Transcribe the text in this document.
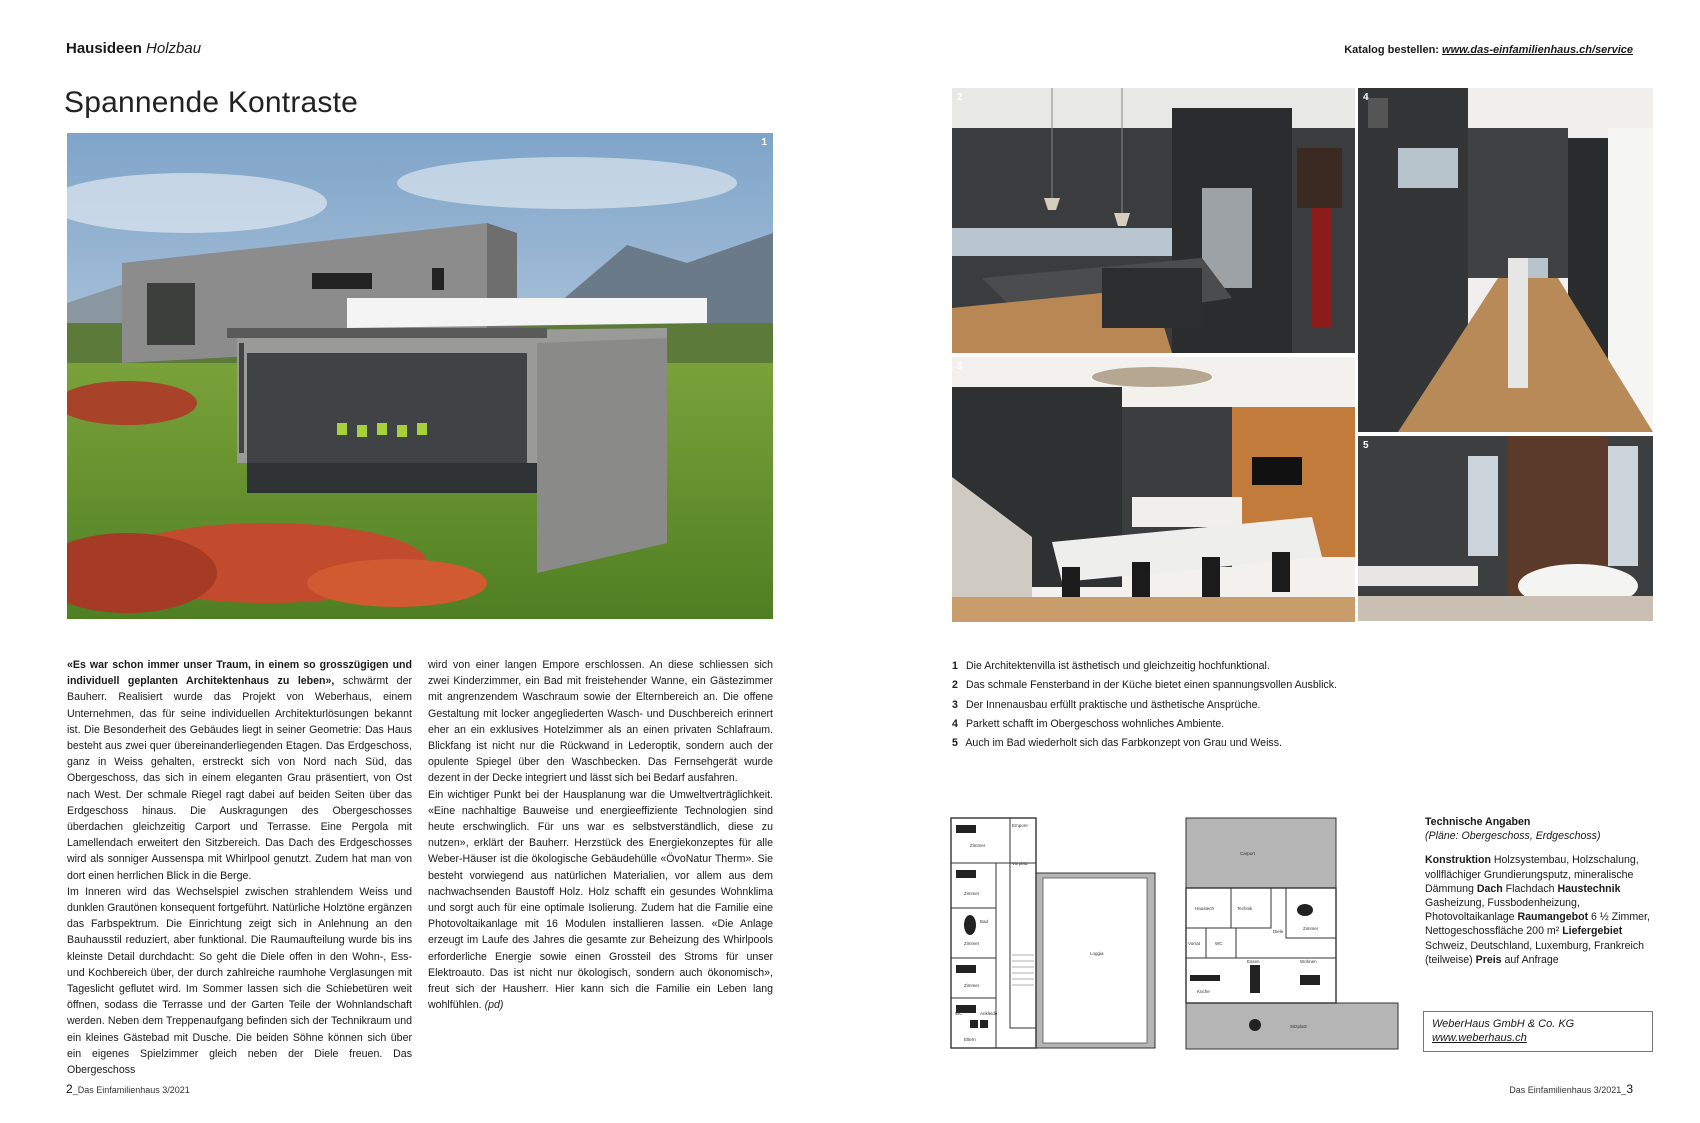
Hausideen Holzbau	Katalog bestellen: www.das-einfamilienhaus.ch/service
Spannende Kontraste
1
2
3
4
5

«Es war schon immer unser Traum, in einem so grosszügigen und individuell geplanten Architektenhaus zu leben», schwärmt der Bauherr. Realisiert wurde das Projekt von Weberhaus, einem Unternehmen, das für seine individuellen Architekturlösungen bekannt ist. Die Besonderheit des Gebäudes liegt in seiner Geometrie: Das Haus besteht aus zwei quer übereinanderliegenden Etagen. Das Erdgeschoss, ganz in Weiss gehalten, erstreckt sich von Nord nach Süd, das Obergeschoss, das sich in einem eleganten Grau präsentiert, von Ost nach West. Der schmale Riegel ragt dabei auf beiden Seiten über das Erdgeschoss hinaus. Die Auskragungen des Obergeschosses überdachen gleichzeitig Carport und Terrasse. Eine Pergola mit Lamellendach erweitert den Sitzbereich. Das Dach des Erdgeschosses wird als sonniger Aussenspa mit Whirlpool genutzt. Zudem hat man von dort einen herrlichen Blick in die Berge.

Im Inneren wird das Wechselspiel zwischen strahlendem Weiss und dunklen Grautönen konsequent fortgeführt. Natürliche Holztöne ergänzen das Farbspektrum. Die Einrichtung zeigt sich in Anlehnung an den Bauhausstil reduziert, aber funktional. Die Raumaufteilung wurde bis ins kleinste Detail durchdacht: So geht die Diele offen in den Wohn-, Ess- und Kochbereich über, der durch zahlreiche raumhohe Verglasungen mit Tageslicht geflutet wird. Im Sommer lassen sich die Schiebetüren weit öffnen, sodass die Terrasse und der Garten Teile der Wohnlandschaft werden. Neben dem Treppenaufgang befinden sich der Technikraum und ein kleines Gästebad mit Dusche. Die beiden Söhne können sich über ein eigenes Spielzimmer gleich neben der Diele freuen. Das Obergeschoss

wird von einer langen Empore erschlossen. An diese schliessen sich zwei Kinderzimmer, ein Bad mit freistehender Wanne, ein Gästezimmer mit angrenzendem Waschraum sowie der Elternbereich an. Die offene Gestaltung mit locker angegliederten Wasch- und Duschbereich erinnert eher an ein exklusives Hotelzimmer als an einen privaten Schlafraum. Blickfang ist nicht nur die Rückwand in Lederoptik, sondern auch der opulente Spiegel über den Waschbecken. Das Fernsehgerät wurde dezent in der Decke integriert und lässt sich bei Bedarf ausfahren.

Ein wichtiger Punkt bei der Hausplanung war die Umweltverträglichkeit. «Eine nachhaltige Bauweise und energieeffiziente Technologien sind heute erschwinglich. Für uns war es selbstverständlich, diese zu nutzen», erklärt der Bauherr. Herzstück des Energiekonzeptes für alle Weber-Häuser ist die ökologische Gebäudehülle «ÖvoNatur Therm». Sie besteht vorwiegend aus natürlichen Materialien, vor allem aus dem nachwachsenden Baustoff Holz. Holz schafft ein gesundes Wohnklima und sorgt auch für eine optimale Isolierung. Zudem hat die Familie eine Photovoltaikanlage mit 16 Modulen installieren lassen. «Die Anlage erzeugt im Laufe des Jahres die gesamte zur Beheizung des Whirlpools erforderliche Energie sowie einen Grossteil des Stroms für unser Elektroauto. Das ist nicht nur ökologisch, sondern auch ökonomisch», freut sich der Hausherr. Hier kann sich die Familie ein Leben lang wohlfühlen. (pd)

1 Die Architektenvilla ist ästhetisch und gleichzeitig hochfunktional.
2 Das schmale Fensterband in der Küche bietet einen spannungsvollen Ausblick.
3 Der Innenausbau erfüllt praktische und ästhetische Ansprüche.
4 Parkett schafft im Obergeschoss wohnliches Ambiente.
5 Auch im Bad wiederholt sich das Farbkonzept von Grau und Weiss.
Zimmer
Zimmer
Zimmer
Bad
Zimmer
WC	Ankleide
Eltern
Empore
Loggia
Vorplatz
Carport
Haustech	Technik
Diele
Zimmer
Vorrat	WC
Essen	Wohnen
Küche
Sitzplatz
Technische Angaben
(Pläne: Obergeschoss, Erdgeschoss)
Konstruktion Holzsystembau, Holzschalung, vollflächiger Grundierungsputz, mineralische Dämmung Dach Flachdach Haustechnik Gasheizung, Fussbodenheizung, Photovoltaikanlage Raumangebot 6 ½ Zimmer, Nettogeschossfläche 200 m² Liefergebiet Schweiz, Deutschland, Luxemburg, Frankreich (teilweise) Preis auf Anfrage
WeberHaus GmbH & Co. KG
www.weberhaus.ch
2_Das Einfamilienhaus 3/2021	Das Einfamilienhaus 3/2021_3
